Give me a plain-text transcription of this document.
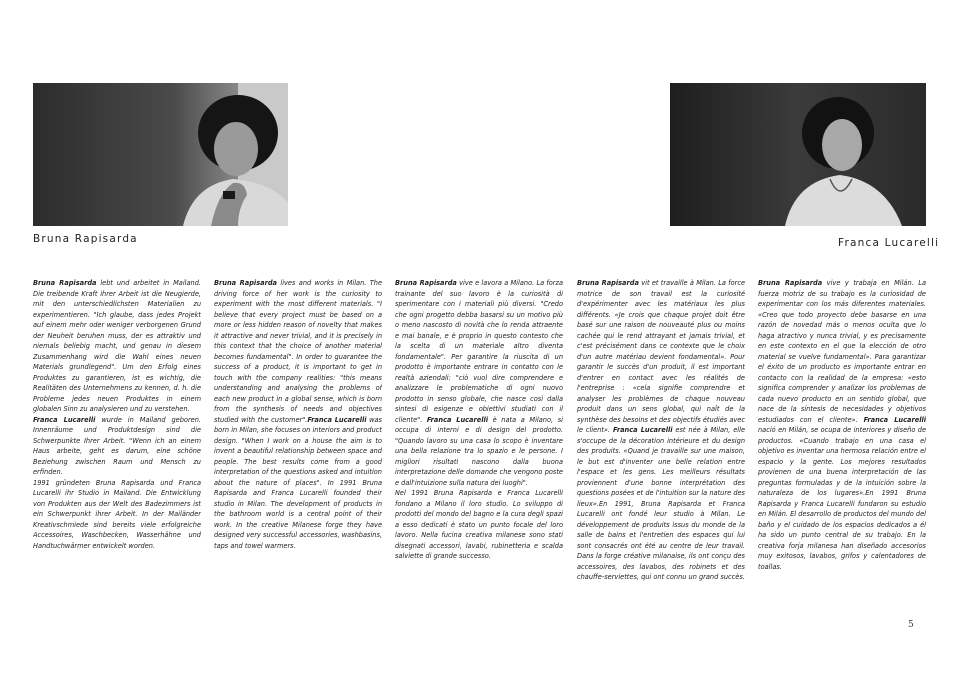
Bruna Rapisarda	Franca Lucarelli

Bruna Rapisarda lebt und arbeitet in Mailand. Die treibende Kraft ihrer Arbeit ist die Neugierde, mit den unterschiedlichsten Materialien zu experimentieren. "Ich glaube, dass jedes Projekt auf einem mehr oder weniger verborgenen Grund der Neuheit beruhen muss, der es attraktiv und niemals beliebig macht, und genau in diesem Zusammenhang wird die Wahl eines neuen Materials grundlegend". Um den Erfolg eines Produktes zu garantieren, ist es wichtig, die Realitäten des Unternehmens zu kennen, d. h. die Probleme jedes neuen Produktes in einem globalen Sinn zu analysieren und zu verstehen.

Franca Lucarelli wurde in Mailand geboren. Innenräume und Produktdesign sind die Schwerpunkte Ihrer Arbeit. "Wenn ich an einem Haus arbeite, geht es darum, eine schöne Beziehung zwischen Raum und Mensch zu erfinden.

1991 gründeten Bruna Rapisarda und Franca Lucarelli ihr Studio in Mailand. Die Entwicklung von Produkten aus der Welt des Badezimmers ist ein Schwerpunkt ihrer Arbeit. In der Mailänder Kreativschmiede sind bereits viele erfolgreiche Accessoires, Waschbecken, Wasserhähne und Handtuchwärmer entwickelt worden.

Bruna Rapisarda lives and works in Milan. The driving force of her work is the curiosity to experiment with the most different materials. "I believe that every project must be based on a more or less hidden reason of novelty that makes it attractive and never trivial, and it is precisely in this context that the choice of another material becomes fundamental". In order to guarantee the success of a product, it is important to get in touch with the company realities: "this means understanding and analysing the problems of each new product in a global sense, which is born from the synthesis of needs and objectives studied with the customer".Franca Lucarelli was born in Milan, she focuses on interiors and product design. "When I work on a house the aim is to invent a beautiful relationship between space and people. The best results come from a good interpretation of the questions asked and intuition about the nature of places". In 1991 Bruna Rapisarda and Franca Lucarelli founded their studio in Milan. The development of products in the bathroom world is a central point of their work. In the creative Milanese forge they have designed very successful accessories, washbasins, taps and towel warmers.

Bruna Rapisarda vive e lavora a Milano. La forza trainante del suo lavoro è la curiosità di sperimentare con i materiali più diversi. "Credo che ogni progetto debba basarsi su un motivo più o meno nascosto di novità che lo renda attraente e mai banale, e è proprio in questo contesto che la scelta di un materiale altro diventa fondamentale". Per garantire la riuscita di un prodotto è importante entrare in contatto con le realtà aziendali: "ciò vuol dire comprendere e analizzare le problematiche di ogni nuovo prodotto in senso globale, che nasce così dalla sintesi di esigenze e obiettivi studiati con il cliente". Franca Lucarelli è nata a Milano, si occupa di interni e di design del prodotto. "Quando lavoro su una casa lo scopo è inventare una bella relazione tra lo spazio e le persone. I migliori risultati nascono dalla buona interpretazione delle domande che vengono poste e dall'intuizione sulla natura dei luoghi".

Nel 1991 Bruna Rapisarda e Franca Lucarelli fondano a Milano il loro studio. Lo sviluppo di prodotti del mondo del bagno e la cura degli spazi a esso dedicati è stato un punto focale del loro lavoro. Nella fucina creativa milanese sono stati disegnati accessori, lavabi, rubinetteria e scalda salviette di grande successo.

Bruna Rapisarda vit et travaille à Milan. La force motrice de son travail est la curiosité d'expérimenter avec les matériaux les plus différents. «Je crois que chaque projet doit être basé sur une raison de nouveauté plus ou moins cachée qui le rend attrayant et jamais trivial, et c'est précisément dans ce contexte que le choix d'un autre matériau devient fondamental». Pour garantir le succès d'un produit, il est important d'entrer en contact avec les réalités de l'entreprise : «cela signifie comprendre et analyser les problèmes de chaque nouveau produit dans un sens global, qui naît de la synthèse des besoins et des objectifs étudiés avec le client». Franca Lucarelli est née à Milan, elle s'occupe de la décoration intérieure et du design des produits. «Quand je travaille sur une maison, le but est d'inventer une belle relation entre l'espace et les gens. Les meilleurs résultats proviennent d'une bonne interprétation des questions posées et de l'intuition sur la nature des lieux».En 1991, Bruna Rapisarda et Franca Lucarelli ont fondé leur studio à Milan. Le développement de produits issus du monde de la salle de bains et l'entretien des espaces qui lui sont consacrés ont été au centre de leur travail. Dans la forge créative milanaise, ils ont conçu des accessoires, des lavabos, des robinets et des chauffe-serviettes, qui ont connu un grand succès.

Bruna Rapisarda vive y trabaja en Milán. La fuerza motriz de su trabajo es la curiosidad de experimentar con los más diferentes materiales. «Creo que todo proyecto debe basarse en una razón de novedad más o menos oculta que lo haga atractivo y nunca trivial, y es precisamente en este contexto en el que la elección de otro material se vuelve fundamental». Para garantizar el éxito de un producto es importante entrar en contacto con la realidad de la empresa: «esto significa comprender y analizar los problemas de cada nuevo producto en un sentido global, que nace de la síntesis de necesidades y objetivos estudiados con el cliente». Franca Lucarelli nació en Milán, se ocupa de interiores y diseño de productos. «Cuando trabajo en una casa el objetivo es inventar una hermosa relación entre el espacio y la gente. Los mejores resultados provienen de una buena interpretación de las preguntas formuladas y de la intuición sobre la naturaleza de los lugares».En 1991 Bruna Rapisarda y Franca Lucarelli fundaron su estudio en Milán. El desarrollo de productos del mundo del baño y el cuidado de los espacios dedicados a él ha sido un punto central de su trabajo. En la creativa forja milanesa han diseñado accesorios muy exitosos, lavabos, grifos y calentadores de toallas.

5
